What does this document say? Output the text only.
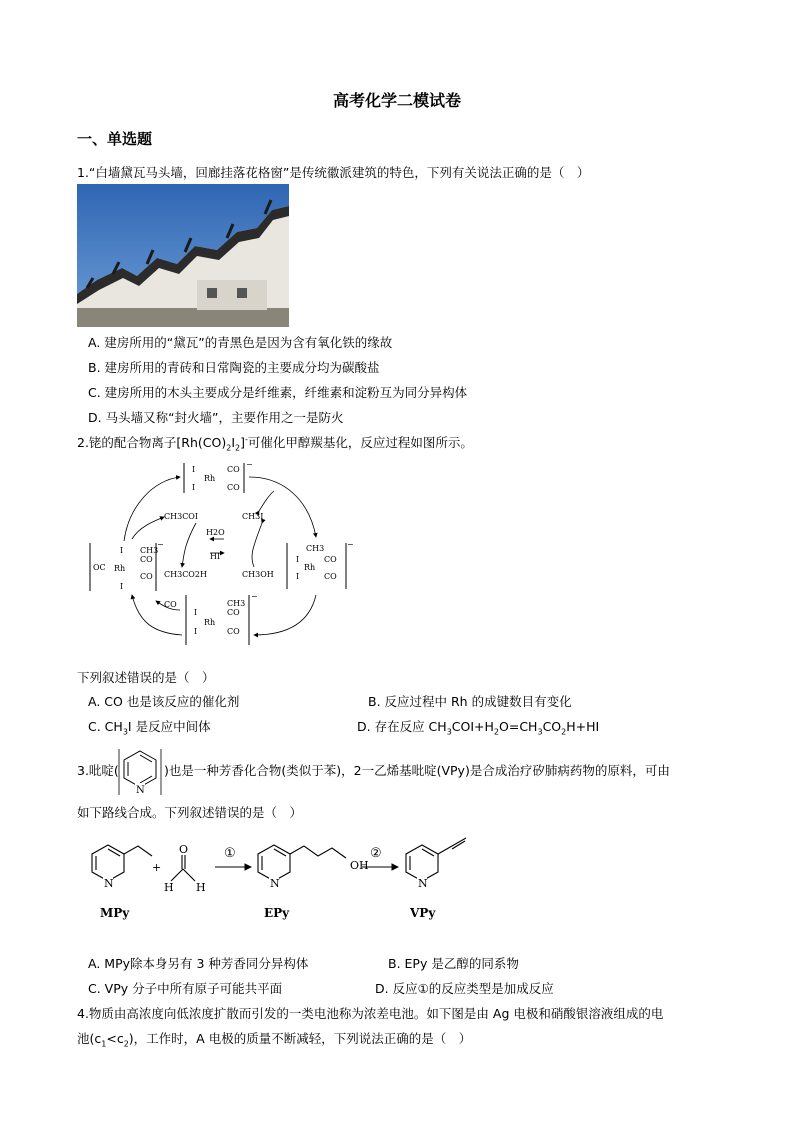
高考化学二模试卷
一、单选题
1.“白墙黛瓦马头墙，回廊挂落花格窗”是传统徽派建筑的特色，下列有关说法正确的是（　）
A. 建房所用的“黛瓦”的青黑色是因为含有氧化铁的缘故
B. 建房所用的青砖和日常陶瓷的主要成分均为碳酸盐
C. 建房所用的木头主要成分是纤维素，纤维素和淀粉互为同分异构体
D. 马头墙又称“封火墙”，主要作用之一是防火
2.铑的配合物离子$[Rh(CO)_2I_2]^-$可催化甲醇羰基化，反应过程如图所示。
I
Rh
CO
CO
I
−
I
CH3
Rh
CO
CO
I
−
CH3
CO
I
Rh
CO
I
−
OC
I CH3
CO
Rh
CO
I
−
CH3COI	CH3I
H2O
HI
CH3CO2H	CH3OH
CO
下列叙述错误的是（　）
A. CO 也是该反应的催化剂	B. 反应过程中 Rh 的成键数目有变化
C. $CH_3I$ 是反应中间体	D. 存在反应 $CH_3COI+H_2O=CH_3CO_2H+HI$
3.吡啶(
N
)也是一种芳香化合物(类似于苯)，2一乙烯基吡啶(VPy)是合成治疗矽肺病药物的原料，可由
如下路线合成。下列叙述错误的是（　）
N
MPy
+
O
H H
①
N
OH
EPy
②
N
VPy
A. MPy除本身另有 3 种芳香同分异构体	B. EPy 是乙醇的同系物
C. VPy 分子中所有原子可能共平面	D. 反应①的反应类型是加成反应
4.物质由高浓度向低浓度扩散而引发的一类电池称为浓差电池。如下图是由 Ag 电极和硝酸银溶液组成的电
池$(c_1<c_2)$，工作时，A 电极的质量不断减轻，下列说法正确的是（　）
